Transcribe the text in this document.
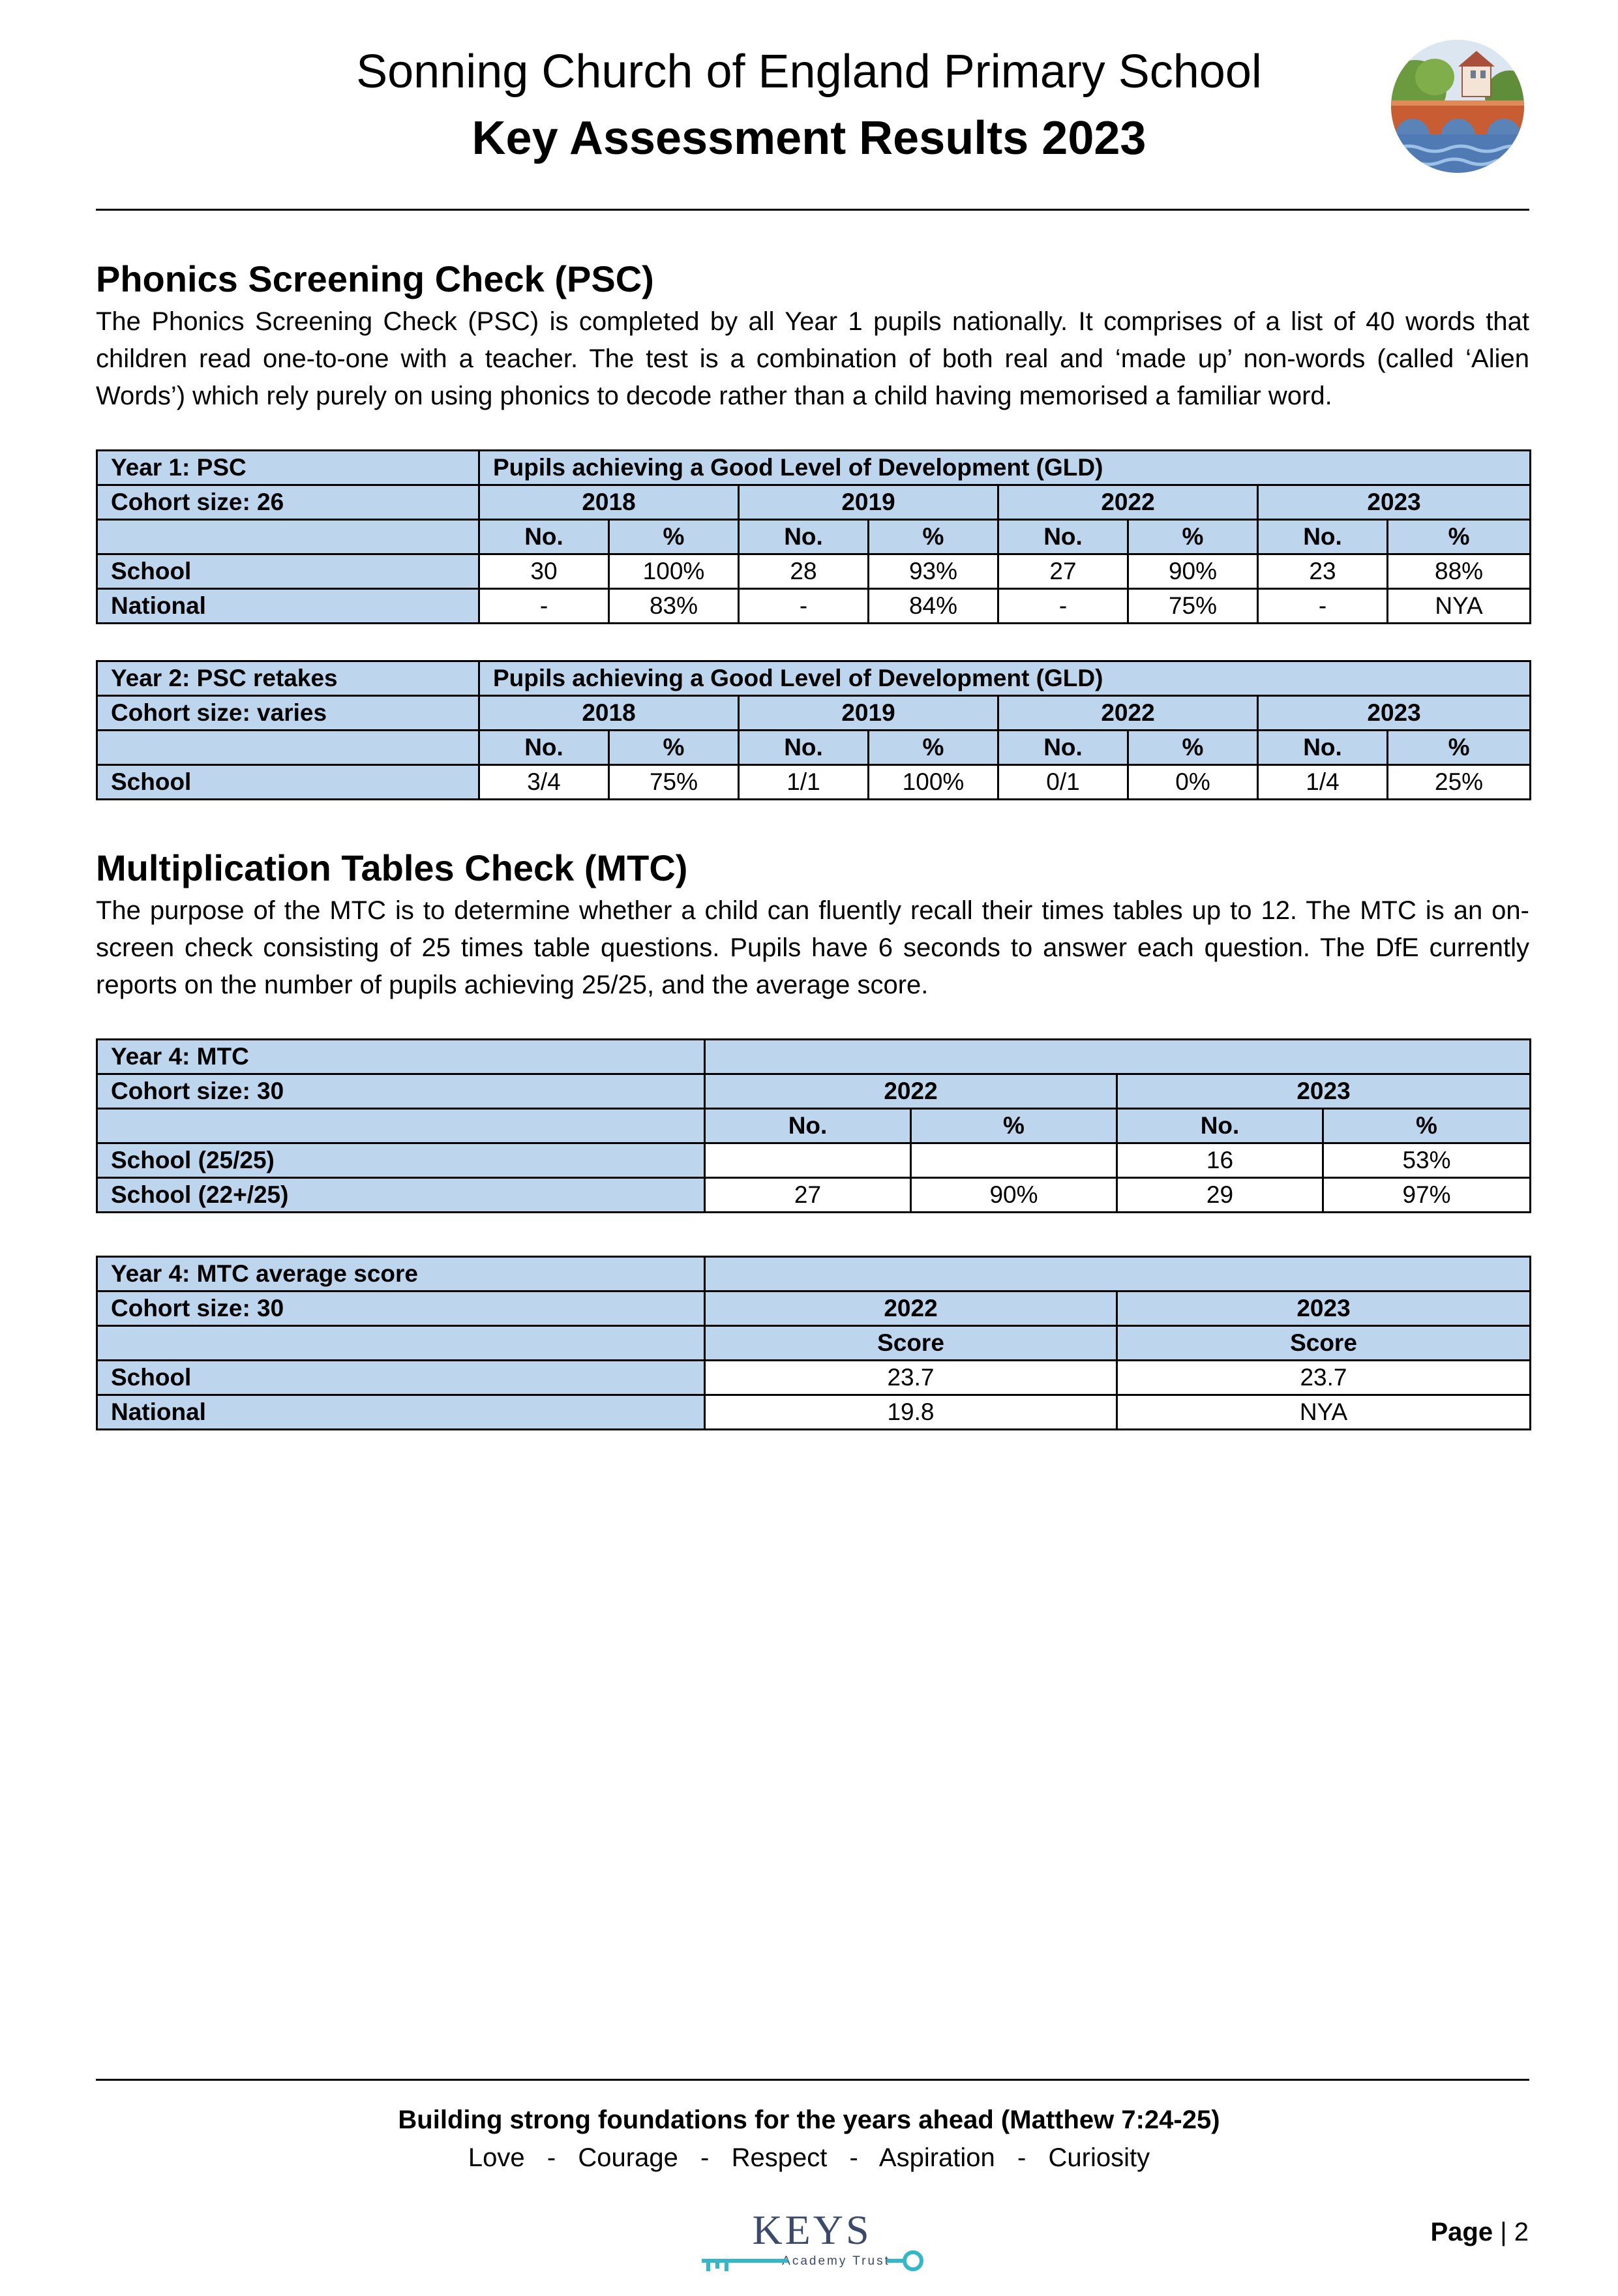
Sonning Church of England Primary School
Key Assessment Results 2023
Phonics Screening Check (PSC)

The Phonics Screening Check (PSC) is completed by all Year 1 pupils nationally. It comprises of a list of 40 words that children read one-to-one with a teacher. The test is a combination of both real and ‘made up’ non-words (called ‘Alien Words’) which rely purely on using phonics to decode rather than a child having memorised a familiar word.

Year 1: PSC	Pupils achieving a Good Level of Development (GLD)							
Cohort size: 26	2018		2019		2022		2023	
	No.	%	No.	%	No.	%	No.	%
School	30	100%	28	93%	27	90%	23	88%
National	-	83%	-	84%	-	75%	-	NYA
Year 2: PSC retakes	Pupils achieving a Good Level of Development (GLD)							
Cohort size: varies	2018		2019		2022		2023	
	No.	%	No.	%	No.	%	No.	%
School	3/4	75%	1/1	100%	0/1	0%	1/4	25%
Multiplication Tables Check (MTC)

The purpose of the MTC is to determine whether a child can fluently recall their times tables up to 12. The MTC is an on-screen check consisting of 25 times table questions. Pupils have 6 seconds to answer each question. The DfE currently reports on the number of pupils achieving 25/25, and the average score.

Year 4: MTC				
Cohort size: 30	2022		2023	
	No.	%	No.	%
School (25/25)			16	53%
School (22+/25)	27	90%	29	97%
Year 4: MTC average score		
Cohort size: 30	2022	2023
	Score	Score
School	23.7	23.7
National	19.8	NYA
Building strong foundations for the years ahead (Matthew 7:24-25)
Love  -  Courage  -  Respect  -  Aspiration  -  Curiosity
KEYS
Academy Trust
Page | 2
